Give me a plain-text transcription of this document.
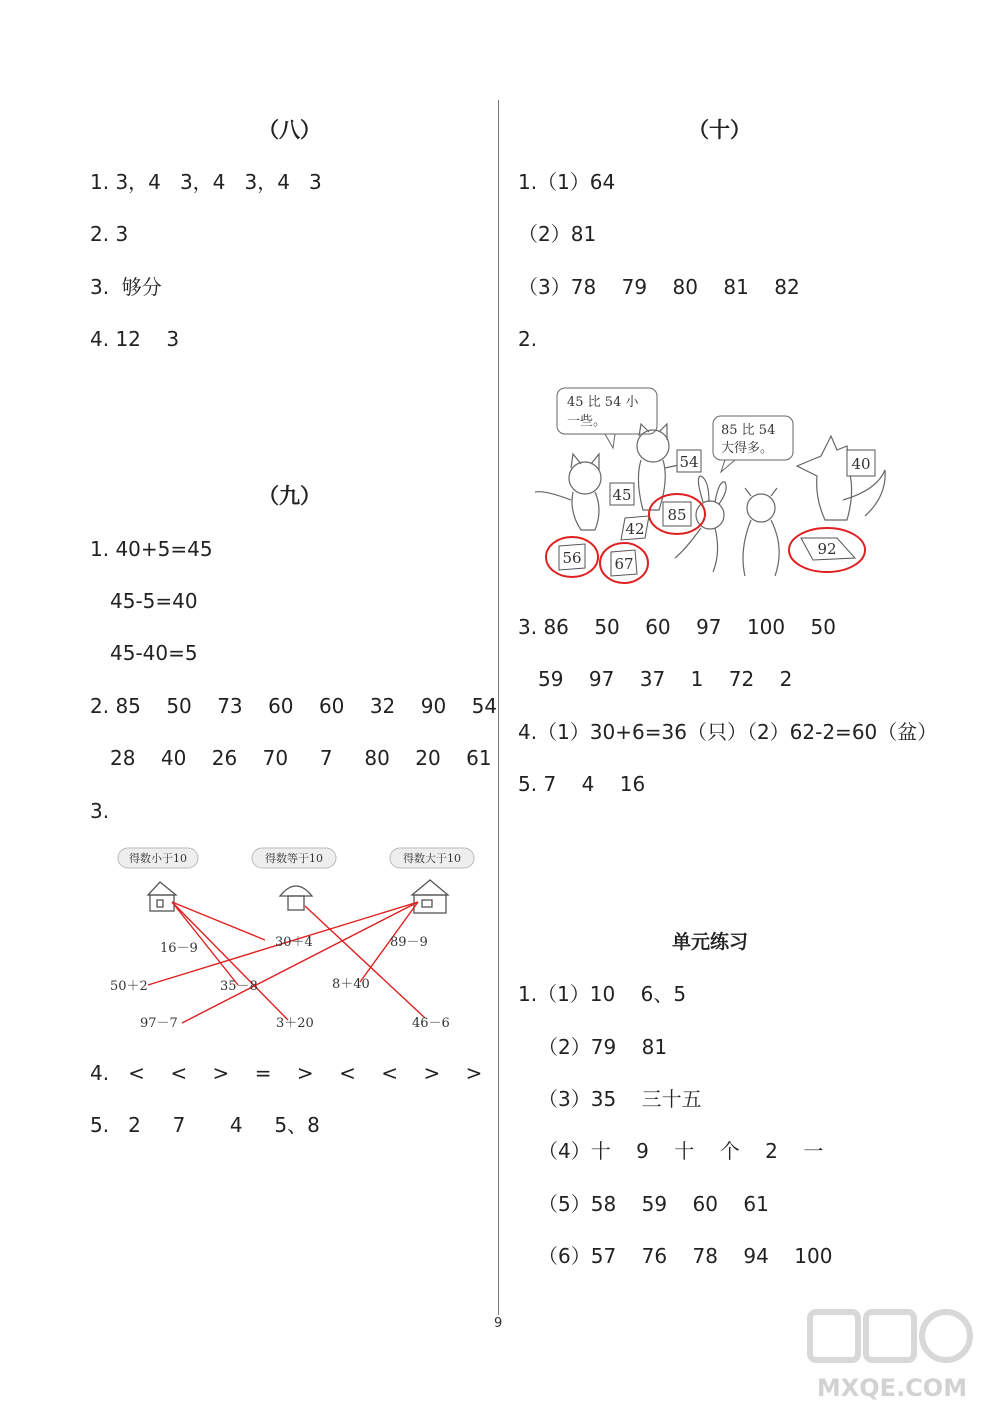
（八）
1. 3，4   3，4   3，4   3
2. 3
3.  够分
4. 12    3
（九）
1. 40+5=45
45-5=40
45-40=5
2. 85    50    73    60    60    32    90    54
28    40    26    70     7     80    20    61
3.
得数小于10	得数等于10	得数大于10
16－9	30＋4	89－9
50＋2	35－8	8＋40
97－7	3＋20	46－6
4.   <    <    >    =    >    <    <    >    >
5.   2     7       4     5、8
（十）
1.（1）64
（2）81
（3）78    79    80    81    82
2.
45 比 54 小
一些。
85 比 54
大得多。
54
45
42
85
40
56 67
92
3. 86    50    60    97    100    50
59    97    37    1    72    2
4.（1）30+6=36（只）（2）62-2=60（盆）
5. 7    4    16
单元练习
1.（1）10    6、5
（2）79    81
（3）35    三十五
（4）十    9    十    个    2    一
（5）58    59    60    61
（6）57    76    78    94    100
9
MXQE.COM
